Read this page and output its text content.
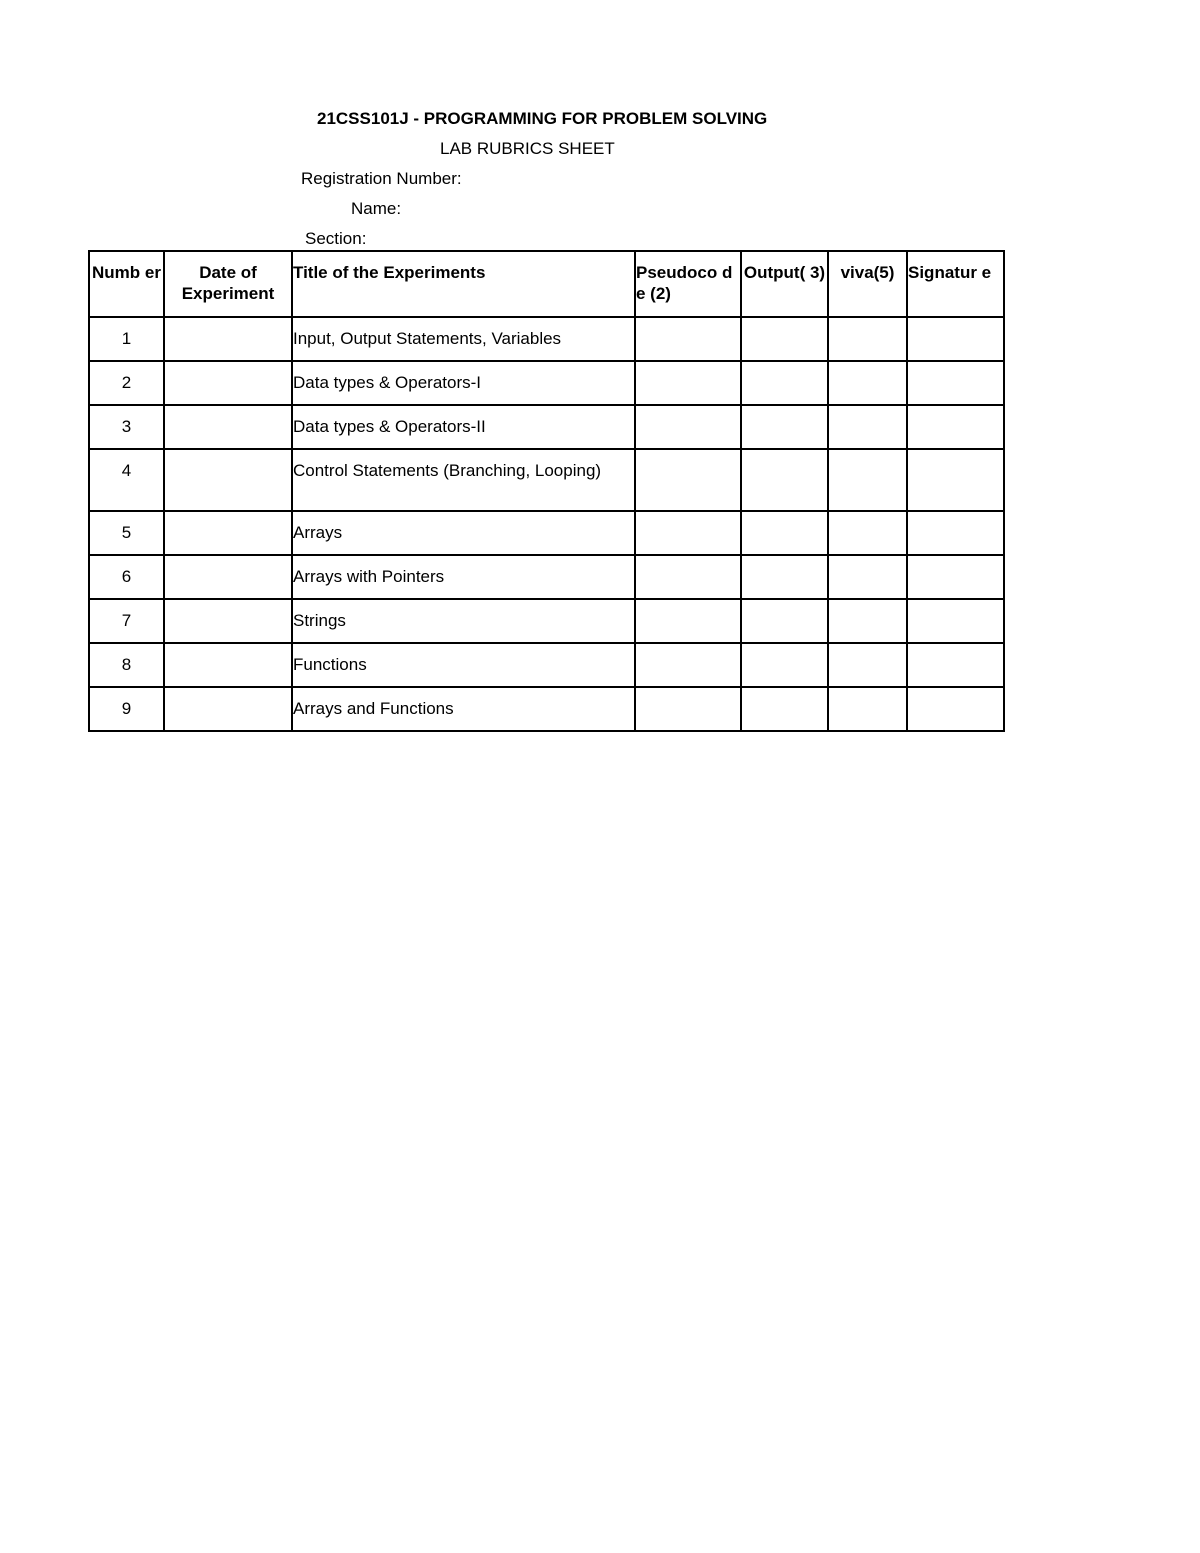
21CSS101J - PROGRAMMING FOR PROBLEM SOLVING
LAB RUBRICS SHEET
Registration Number:
Name:
Section:
Numb er	Date of Experiment	Title of the Experiments	Pseudoco de (2)	Output( 3)	viva(5)	Signatur e

1		Input, Output Statements, Variables				

2		Data types & Operators-I				

3		Data types & Operators-II				

4		Control Statements (Branching, Looping)				

5		Arrays				

6		Arrays with Pointers				

7		Strings				

8		Functions				

9		Arrays and Functions				
